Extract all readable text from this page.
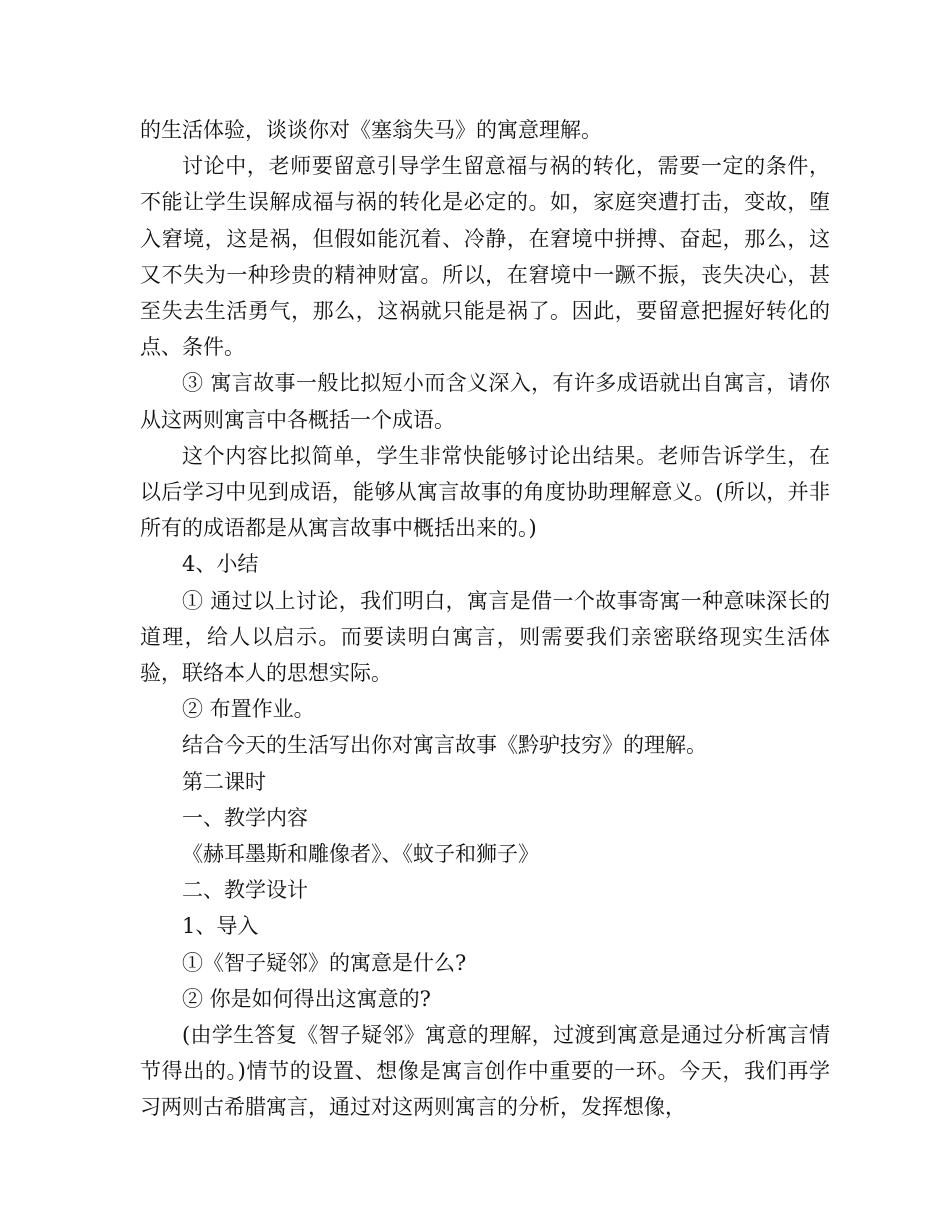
的生活体验，谈谈你对《塞翁失马》的寓意理解。

讨论中，老师要留意引导学生留意福与祸的转化，需要一定的条件，不能让学生误解成福与祸的转化是必定的。如，家庭突遭打击，变故，堕入窘境，这是祸，但假如能沉着、冷静，在窘境中拼搏、奋起，那么，这又不失为一种珍贵的精神财富。所以，在窘境中一蹶不振，丧失决心，甚至失去生活勇气，那么，这祸就只能是祸了。因此，要留意把握好转化的点、条件。

③ 寓言故事一般比拟短小而含义深入，有许多成语就出自寓言，请你从这两则寓言中各概括一个成语。

这个内容比拟简单，学生非常快能够讨论出结果。老师告诉学生，在以后学习中见到成语，能够从寓言故事的角度协助理解意义。(所以，并非所有的成语都是从寓言故事中概括出来的。)

4、小结

① 通过以上讨论，我们明白，寓言是借一个故事寄寓一种意味深长的道理，给人以启示。而要读明白寓言，则需要我们亲密联络现实生活体验，联络本人的思想实际。

② 布置作业。

结合今天的生活写出你对寓言故事《黔驴技穷》的理解。

第二课时

一、教学内容

《赫耳墨斯和雕像者》、《蚊子和狮子》

二、教学设计

1、导入

①《智子疑邻》的寓意是什么?

② 你是如何得出这寓意的?

(由学生答复《智子疑邻》寓意的理解，过渡到寓意是通过分析寓言情节得出的。)情节的设置、想像是寓言创作中重要的一环。今天，我们再学习两则古希腊寓言，通过对这两则寓言的分析，发挥想像，
